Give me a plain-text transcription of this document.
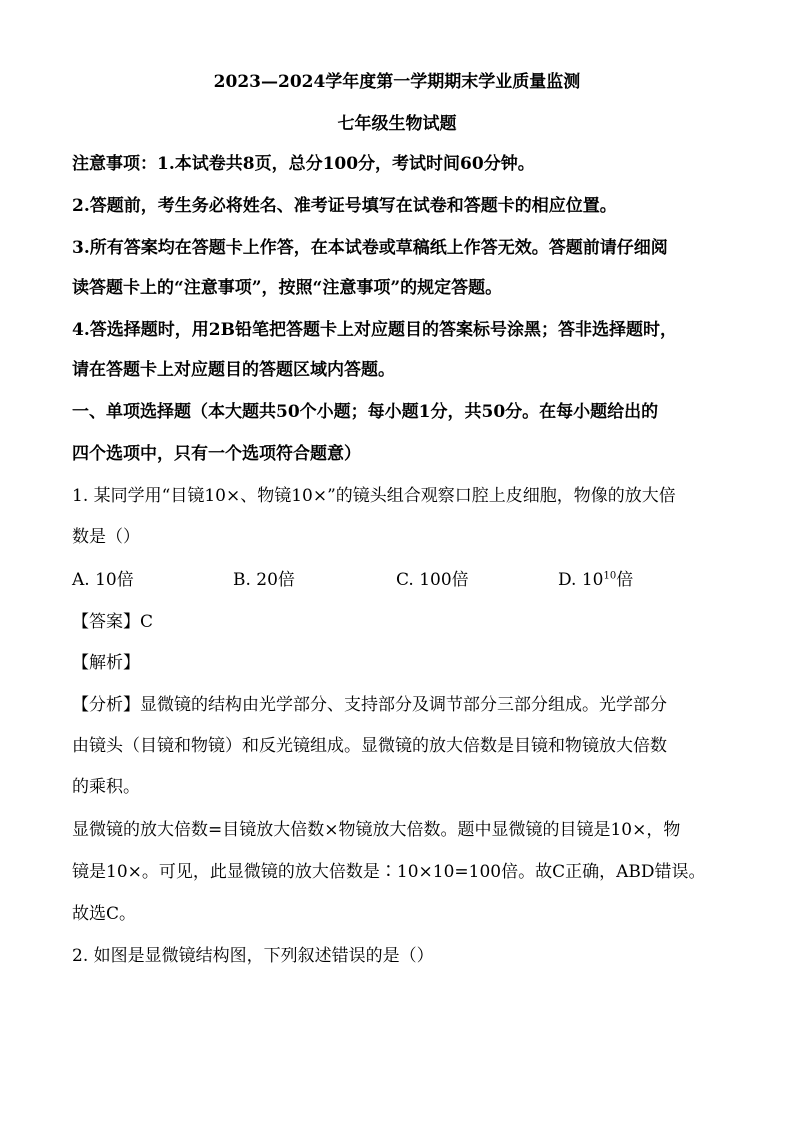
2023—2024学年度第一学期期末学业质量监测
七年级生物试题
注意事项：1.本试卷共8页，总分100分，考试时间60分钟。
2.答题前，考生务必将姓名、准考证号填写在试卷和答题卡的相应位置。
3.所有答案均在答题卡上作答，在本试卷或草稿纸上作答无效。答题前请仔细阅
读答题卡上的“注意事项”，按照“注意事项”的规定答题。
4.答选择题时，用2B铅笔把答题卡上对应题目的答案标号涂黑；答非选择题时，
请在答题卡上对应题目的答题区域内答题。
一、单项选择题（本大题共50个小题；每小题1分，共50分。在每小题给出的
四个选项中，只有一个选项符合题意）
1. 某同学用“目镜10×、物镜10×”的镜头组合观察口腔上皮细胞，物像的放大倍
数是（）
A. 10倍	B. 20倍	C. 100倍	D. $10^{10}$倍
【答案】C
【解析】
【分析】显微镜的结构由光学部分、支持部分及调节部分三部分组成。光学部分
由镜头（目镜和物镜）和反光镜组成。显微镜的放大倍数是目镜和物镜放大倍数
的乘积。
显微镜的放大倍数=目镜放大倍数×物镜放大倍数。题中显微镜的目镜是10×，物
镜是10×。可见，此显微镜的放大倍数是∶10×10=100倍。故C正确，ABD错误。
故选C。
2. 如图是显微镜结构图，下列叙述错误的是（）
